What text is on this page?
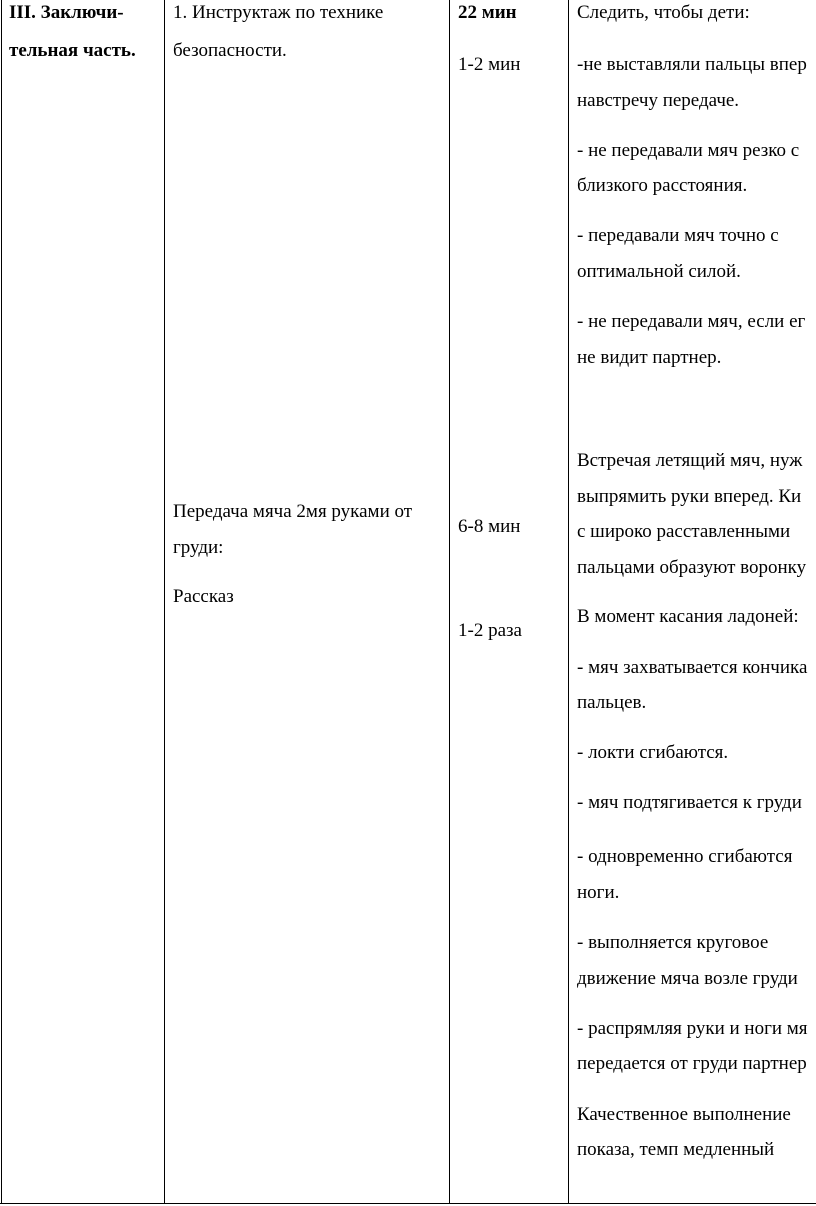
III. Заключи-
тельная часть.
1. Инструктаж по технике
безопасности.
Передача мяча 2мя руками от
груди:
Рассказ
22 мин
1-2 мин
6-8 мин
1-2 раза
Следить, чтобы дети:
-не выставляли пальцы впер
навстречу передаче.
- не передавали мяч резко с
близкого расстояния.
- передавали мяч точно с
оптимальной силой.
- не передавали мяч, если ег
не видит партнер.
Встречая летящий мяч, нуж
выпрямить руки вперед. Ки
с широко расставленными
пальцами образуют воронку
В момент касания ладоней:
- мяч захватывается кончика
пальцев.
- локти сгибаются.
- мяч подтягивается к груди
- одновременно сгибаются
ноги.
- выполняется круговое
движение мяча возле груди
- распрямляя руки и ноги мя
передается от груди партнер
Качественное выполнение
показа, темп медленный
